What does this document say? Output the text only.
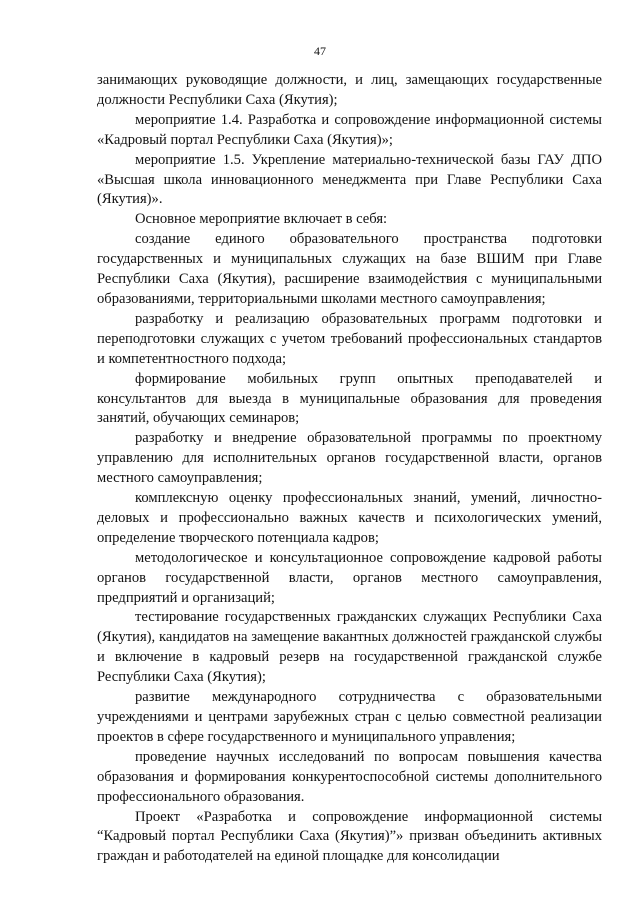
47

занимающих руководящие должности, и лиц, замещающих государственные должности Республики Саха (Якутия);

мероприятие 1.4. Разработка и сопровождение информационной системы «Кадровый портал Республики Саха (Якутия)»;

мероприятие 1.5. Укрепление материально-технической базы ГАУ ДПО «Высшая школа инновационного менеджмента при Главе Республики Саха (Якутия)».

Основное мероприятие включает в себя:

создание единого образовательного пространства подготовки государственных и муниципальных служащих на базе ВШИМ при Главе Республики Саха (Якутия), расширение взаимодействия с муниципальными образованиями, территориальными школами местного самоуправления;

разработку и реализацию образовательных программ подготовки и переподготовки служащих с учетом требований профессиональных стандартов и компетентностного подхода;

формирование мобильных групп опытных преподавателей и консультантов для выезда в муниципальные образования для проведения занятий, обучающих семинаров;

разработку и внедрение образовательной программы по проектному управлению для исполнительных органов государственной власти, органов местного самоуправления;

комплексную оценку профессиональных знаний, умений, личностно-деловых и профессионально важных качеств и психологических умений, определение творческого потенциала кадров;

методологическое и консультационное сопровождение кадровой работы органов государственной власти, органов местного самоуправления, предприятий и организаций;

тестирование государственных гражданских служащих Республики Саха (Якутия), кандидатов на замещение вакантных должностей гражданской службы и включение в кадровый резерв на государственной гражданской службе Республики Саха (Якутия);

развитие международного сотрудничества с образовательными учреждениями и центрами зарубежных стран с целью совместной реализации проектов в сфере государственного и муниципального управления;

проведение научных исследований по вопросам повышения качества образования и формирования конкурентоспособной системы дополнительного профессионального образования.

Проект «Разработка и сопровождение информационной системы “Кадровый портал Республики Саха (Якутия)”» призван объединить активных граждан и работодателей на единой площадке для консолидации
